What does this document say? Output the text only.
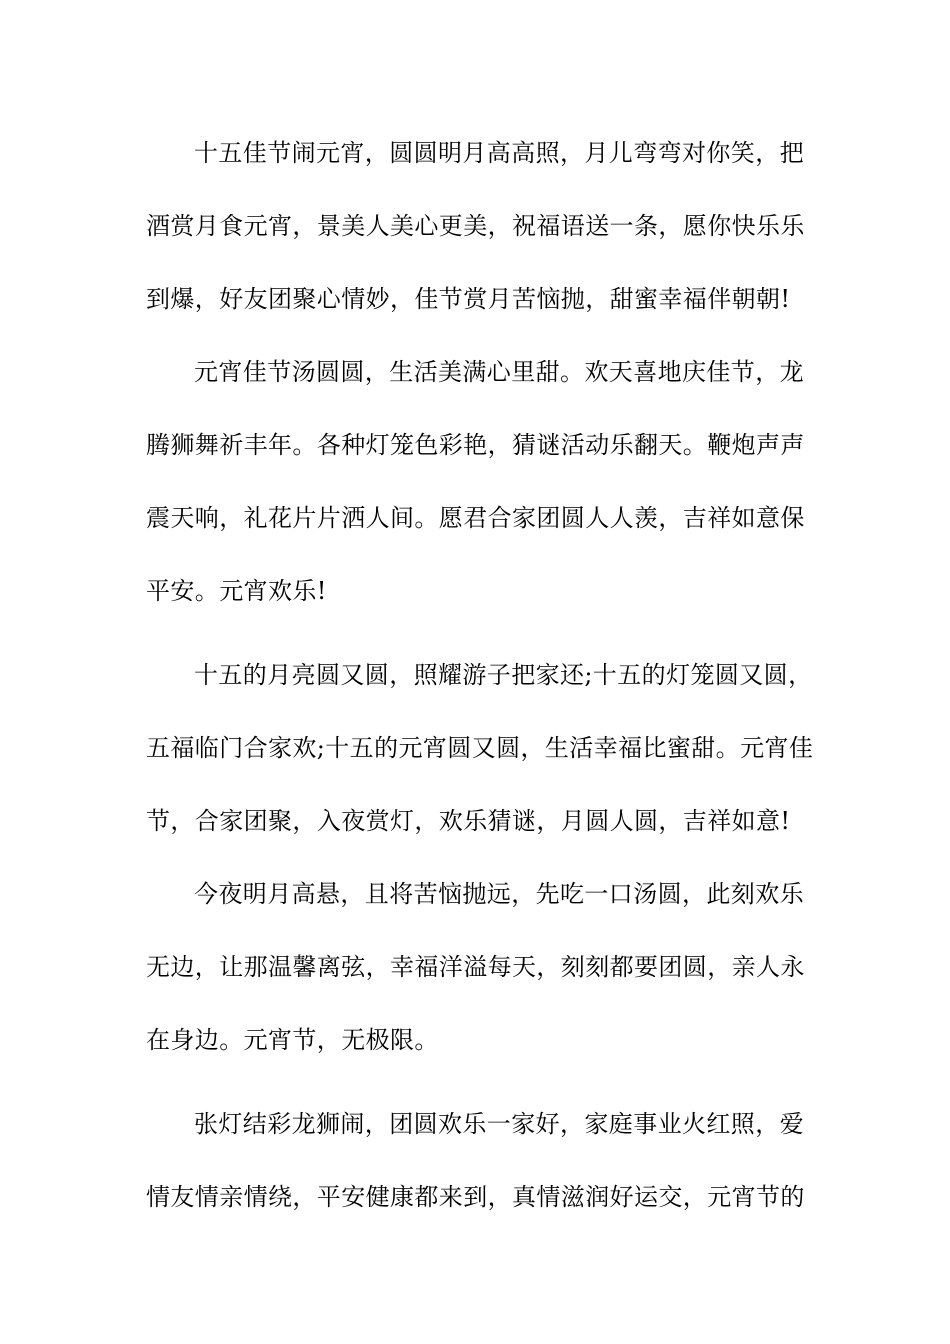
十五佳节闹元宵，圆圆明月高高照，月儿弯弯对你笑，把
酒赏月食元宵，景美人美心更美，祝福语送一条，愿你快乐乐
到爆，好友团聚心情妙，佳节赏月苦恼抛，甜蜜幸福伴朝朝!
元宵佳节汤圆圆，生活美满心里甜。欢天喜地庆佳节，龙
腾狮舞祈丰年。各种灯笼色彩艳，猜谜活动乐翻天。鞭炮声声
震天响，礼花片片洒人间。愿君合家团圆人人羡，吉祥如意保
平安。元宵欢乐!
十五的月亮圆又圆，照耀游子把家还;十五的灯笼圆又圆，
五福临门合家欢;十五的元宵圆又圆，生活幸福比蜜甜。元宵佳
节，合家团聚，入夜赏灯，欢乐猜谜，月圆人圆，吉祥如意!
今夜明月高悬，且将苦恼抛远，先吃一口汤圆，此刻欢乐
无边，让那温馨离弦，幸福洋溢每天，刻刻都要团圆，亲人永
在身边。元宵节，无极限。
张灯结彩龙狮闹，团圆欢乐一家好，家庭事业火红照，爱
情友情亲情绕，平安健康都来到，真情滋润好运交，元宵节的
